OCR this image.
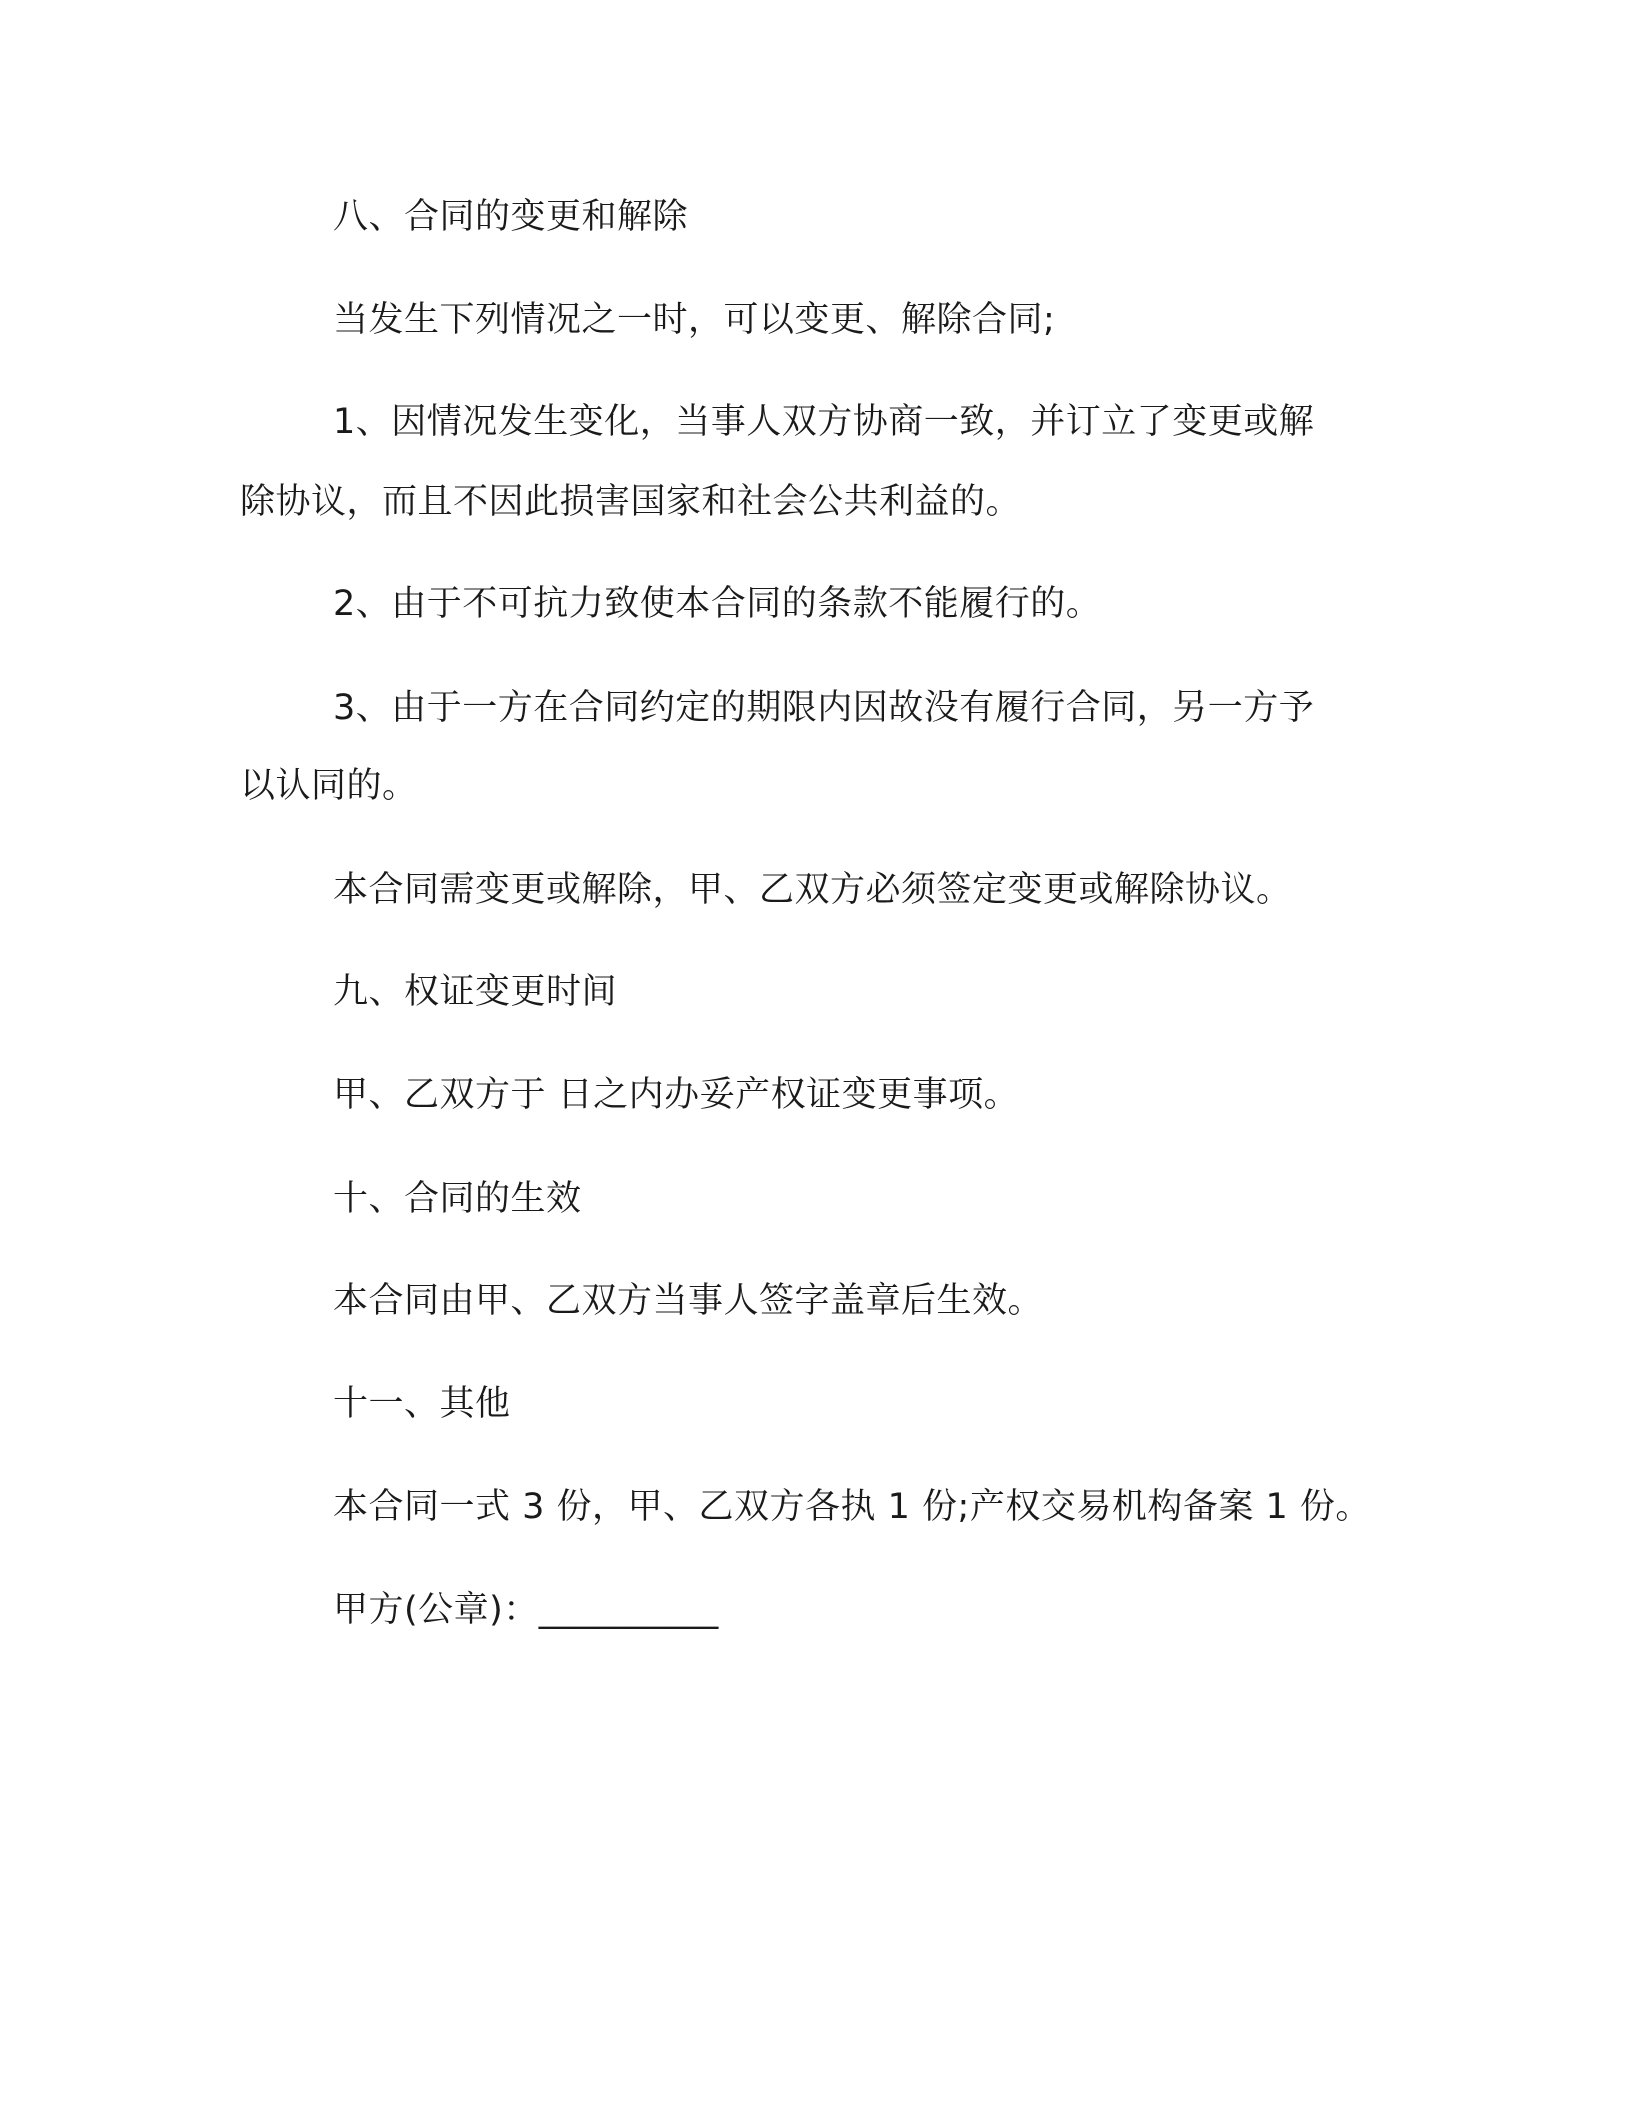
八、合同的变更和解除

当发生下列情况之一时，可以变更、解除合同;

1、因情况发生变化，当事人双方协商一致，并订立了变更或解

除协议，而且不因此损害国家和社会公共利益的。

2、由于不可抗力致使本合同的条款不能履行的。

3、由于一方在合同约定的期限内因故没有履行合同，另一方予

以认同的。

本合同需变更或解除，甲、乙双方必须签定变更或解除协议。

九、权证变更时间

甲、乙双方于 日之内办妥产权证变更事项。

十、合同的生效

本合同由甲、乙双方当事人签字盖章后生效。

十一、其他

本合同一式 3 份，甲、乙双方各执 1 份;产权交易机构备案 1 份。

甲方(公章)：__________
